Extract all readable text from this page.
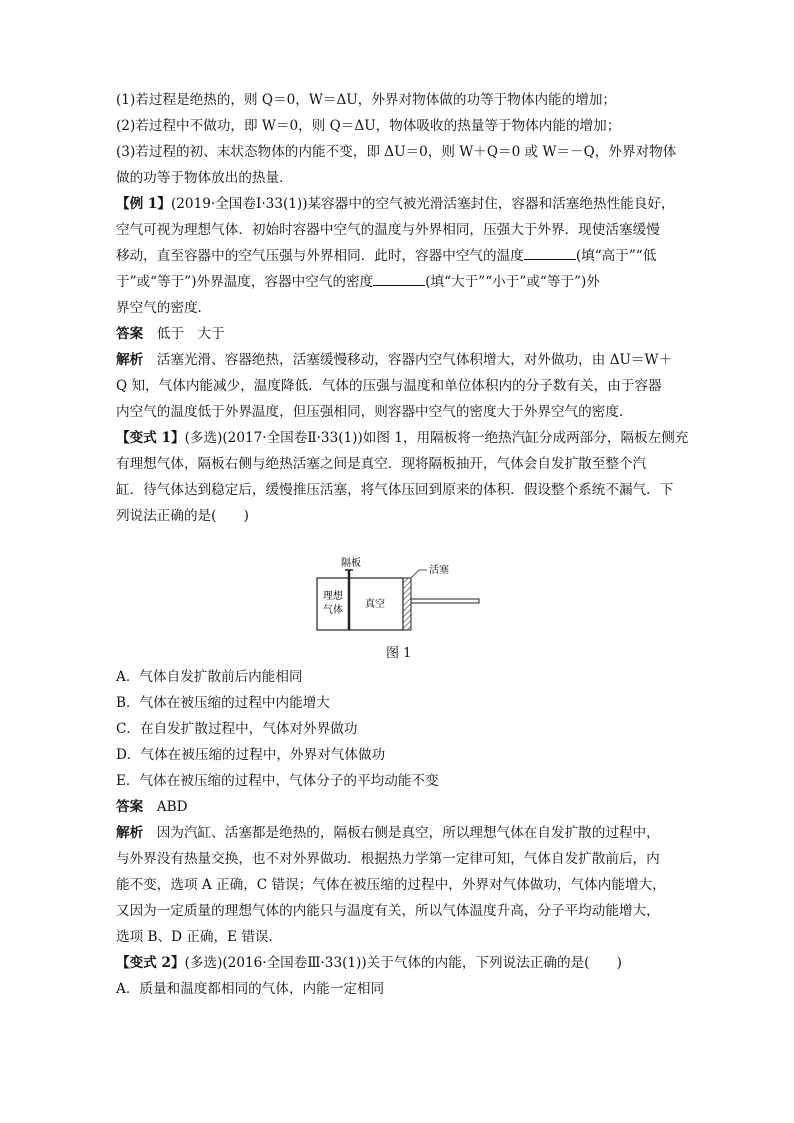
(1)若过程是绝热的，则 Q＝0，W＝ΔU，外界对物体做的功等于物体内能的增加；
(2)若过程中不做功，即 W＝0，则 Q＝ΔU，物体吸收的热量等于物体内能的增加；
(3)若过程的初、末状态物体的内能不变，即 ΔU＝0，则 W＋Q＝0 或 W＝－Q，外界对物体
做的功等于物体放出的热量．
【例 1】(2019·全国卷Ⅰ·33(1))某容器中的空气被光滑活塞封住，容器和活塞绝热性能良好，
空气可视为理想气体．初始时容器中空气的温度与外界相同，压强大于外界．现使活塞缓慢
移动，直至容器中的空气压强与外界相同．此时，容器中空气的温度	(填“高于”“低
于”或“等于”)外界温度，容器中空气的密度	(填“大于”“小于”或“等于”)外
界空气的密度．
答案　 低于　大于
解析　 活塞光滑、容器绝热，活塞缓慢移动，容器内空气体积增大，对外做功，由 ΔU＝W＋
Q 知，气体内能减少，温度降低．气体的压强与温度和单位体积内的分子数有关，由于容器
内空气的温度低于外界温度，但压强相同，则容器中空气的密度大于外界空气的密度．
【变式 1】(多选)(2017·全国卷Ⅱ·33(1))如图 1，用隔板将一绝热汽缸分成两部分，隔板左侧充
有理想气体，隔板右侧与绝热活塞之间是真空．现将隔板抽开，气体会自发扩散至整个汽
缸．待气体达到稳定后，缓慢推压活塞，将气体压回到原来的体积．假设整个系统不漏气．下
列说法正确的是(　　)
隔板
活塞
理想
气体
真空
图 1
A．气体自发扩散前后内能相同
B．气体在被压缩的过程中内能增大
C．在自发扩散过程中，气体对外界做功
D．气体在被压缩的过程中，外界对气体做功
E．气体在被压缩的过程中，气体分子的平均动能不变
答案　 ABD
解析　 因为汽缸、活塞都是绝热的，隔板右侧是真空，所以理想气体在自发扩散的过程中，
与外界没有热量交换，也不对外界做功．根据热力学第一定律可知，气体自发扩散前后，内
能不变，选项 A 正确，C 错误；气体在被压缩的过程中，外界对气体做功，气体内能增大，
又因为一定质量的理想气体的内能只与温度有关，所以气体温度升高，分子平均动能增大，
选项 B、D 正确，E 错误．
【变式 2】(多选)(2016·全国卷Ⅲ·33(1))关于气体的内能，下列说法正确的是(　　)
A．质量和温度都相同的气体，内能一定相同
